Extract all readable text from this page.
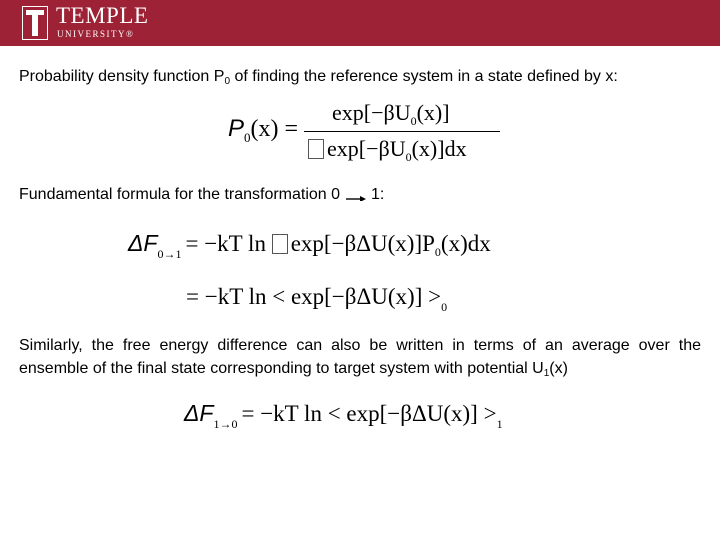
TEMPLE
UNIVERSITY®
Probability density function $P_0$ of finding the reference system in a state defined by x:
$P_0(x)$ =
$\exp[-\beta U_0(x)]$
$\exp[-\beta U_0(x)]dx$
Fundamental formula for the transformation 0 1:
$\Delta F_{0\to 1} = -kT$ $\ln \exp[-\beta\Delta U(x)]P_0(x)dx$
= −kT $\ln < \exp[-\beta\Delta U(x)] >_0$
Similarly, the free energy difference can also be written in terms of an average over the ensemble of the final state corresponding to target system with potential $U_1(x)$
$\Delta F_{1\to 0} = -kT$ $\ln < \exp[-\beta\Delta U(x)] >_1$
